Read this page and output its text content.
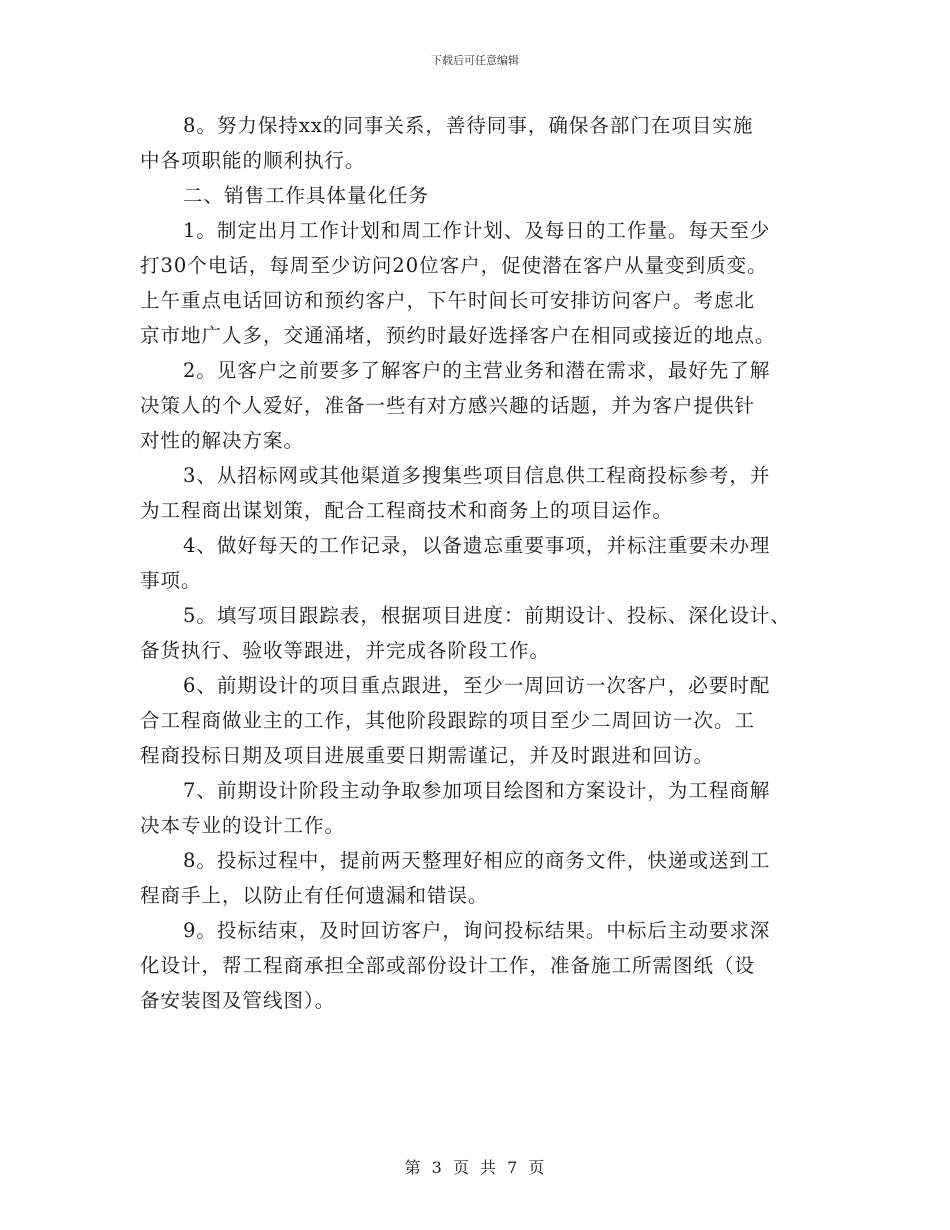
下载后可任意编辑
8。努力保持xx的同事关系，善待同事，确保各部门在项目实施
中各项职能的顺利执行。
二、销售工作具体量化任务
1。制定出月工作计划和周工作计划、及每日的工作量。每天至少
打30个电话，每周至少访问20位客户，促使潜在客户从量变到质变。
上午重点电话回访和预约客户，下午时间长可安排访问客户。考虑北
京市地广人多，交通涌堵，预约时最好选择客户在相同或接近的地点。
2。见客户之前要多了解客户的主营业务和潜在需求，最好先了解
决策人的个人爱好，准备一些有对方感兴趣的话题，并为客户提供针
对性的解决方案。
3、从招标网或其他渠道多搜集些项目信息供工程商投标参考，并
为工程商出谋划策，配合工程商技术和商务上的项目运作。
4、做好每天的工作记录，以备遗忘重要事项，并标注重要未办理
事项。
5。填写项目跟踪表，根据项目进度：前期设计、投标、深化设计、
备货执行、验收等跟进，并完成各阶段工作。
6、前期设计的项目重点跟进，至少一周回访一次客户，必要时配
合工程商做业主的工作，其他阶段跟踪的项目至少二周回访一次。工
程商投标日期及项目进展重要日期需谨记，并及时跟进和回访。
7、前期设计阶段主动争取参加项目绘图和方案设计，为工程商解
决本专业的设计工作。
8。投标过程中，提前两天整理好相应的商务文件，快递或送到工
程商手上，以防止有任何遗漏和错误。
9。投标结束，及时回访客户，询问投标结果。中标后主动要求深
化设计，帮工程商承担全部或部份设计工作，准备施工所需图纸（设
备安装图及管线图）。
第 3 页 共 7 页
